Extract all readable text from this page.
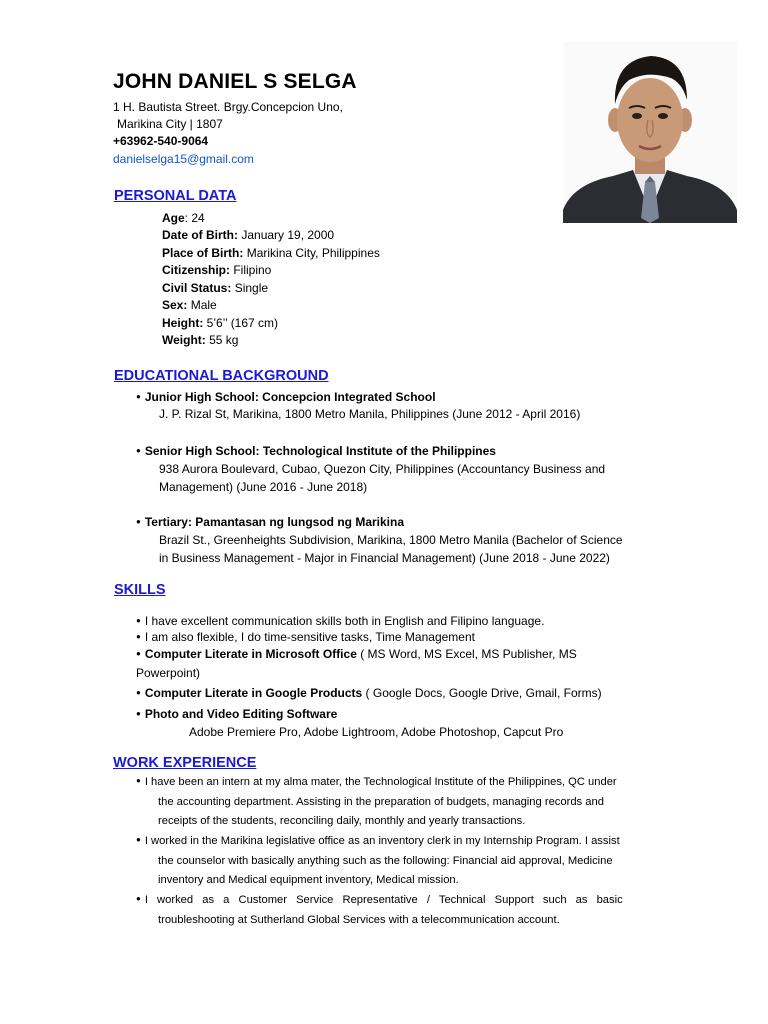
JOHN DANIEL S SELGA
1 H. Bautista Street. Brgy.Concepcion Uno,
Marikina City | 1807
+63962-540-9064
danielselga15@gmail.com
PERSONAL DATA
Age: 24
Date of Birth: January 19, 2000
Place of Birth: Marikina City, Philippines
Citizenship: Filipino
Civil Status: Single
Sex: Male
Height: 5’6’’ (167 cm)
Weight: 55 kg
EDUCATIONAL BACKGROUND
● Junior High School: Concepcion Integrated School
J. P. Rizal St, Marikina, 1800 Metro Manila, Philippines (June 2012 - April 2016)
● Senior High School: Technological Institute of the Philippines
938 Aurora Boulevard, Cubao, Quezon City, Philippines (Accountancy Business and
Management) (June 2016 - June 2018)
● Tertiary: Pamantasan ng lungsod ng Marikina
Brazil St., Greenheights Subdivision, Marikina, 1800 Metro Manila (Bachelor of Science
in Business Management - Major in Financial Management) (June 2018 - June 2022)
SKILLS
● I have excellent communication skills both in English and Filipino language.
● I am also flexible, I do time-sensitive tasks, Time Management
● Computer Literate in Microsoft Office ( MS Word, MS Excel, MS Publisher, MS
Powerpoint)
● Computer Literate in Google Products ( Google Docs, Google Drive, Gmail, Forms)
● Photo and Video Editing Software
Adobe Premiere Pro, Adobe Lightroom, Adobe Photoshop, Capcut Pro
WORK EXPERIENCE
● I have been an intern at my alma mater, the Technological Institute of the Philippines, QC under
the accounting department. Assisting in the preparation of budgets, managing records and
receipts of the students, reconciling daily, monthly and yearly transactions.
● I worked in the Marikina legislative office as an inventory clerk in my Internship Program. I assist
the counselor with basically anything such as the following: Financial aid approval, Medicine
inventory and Medical equipment inventory, Medical mission.
● I worked as a Customer Service Representative / Technical Support such as basic
troubleshooting at Sutherland Global Services with a telecommunication account.
